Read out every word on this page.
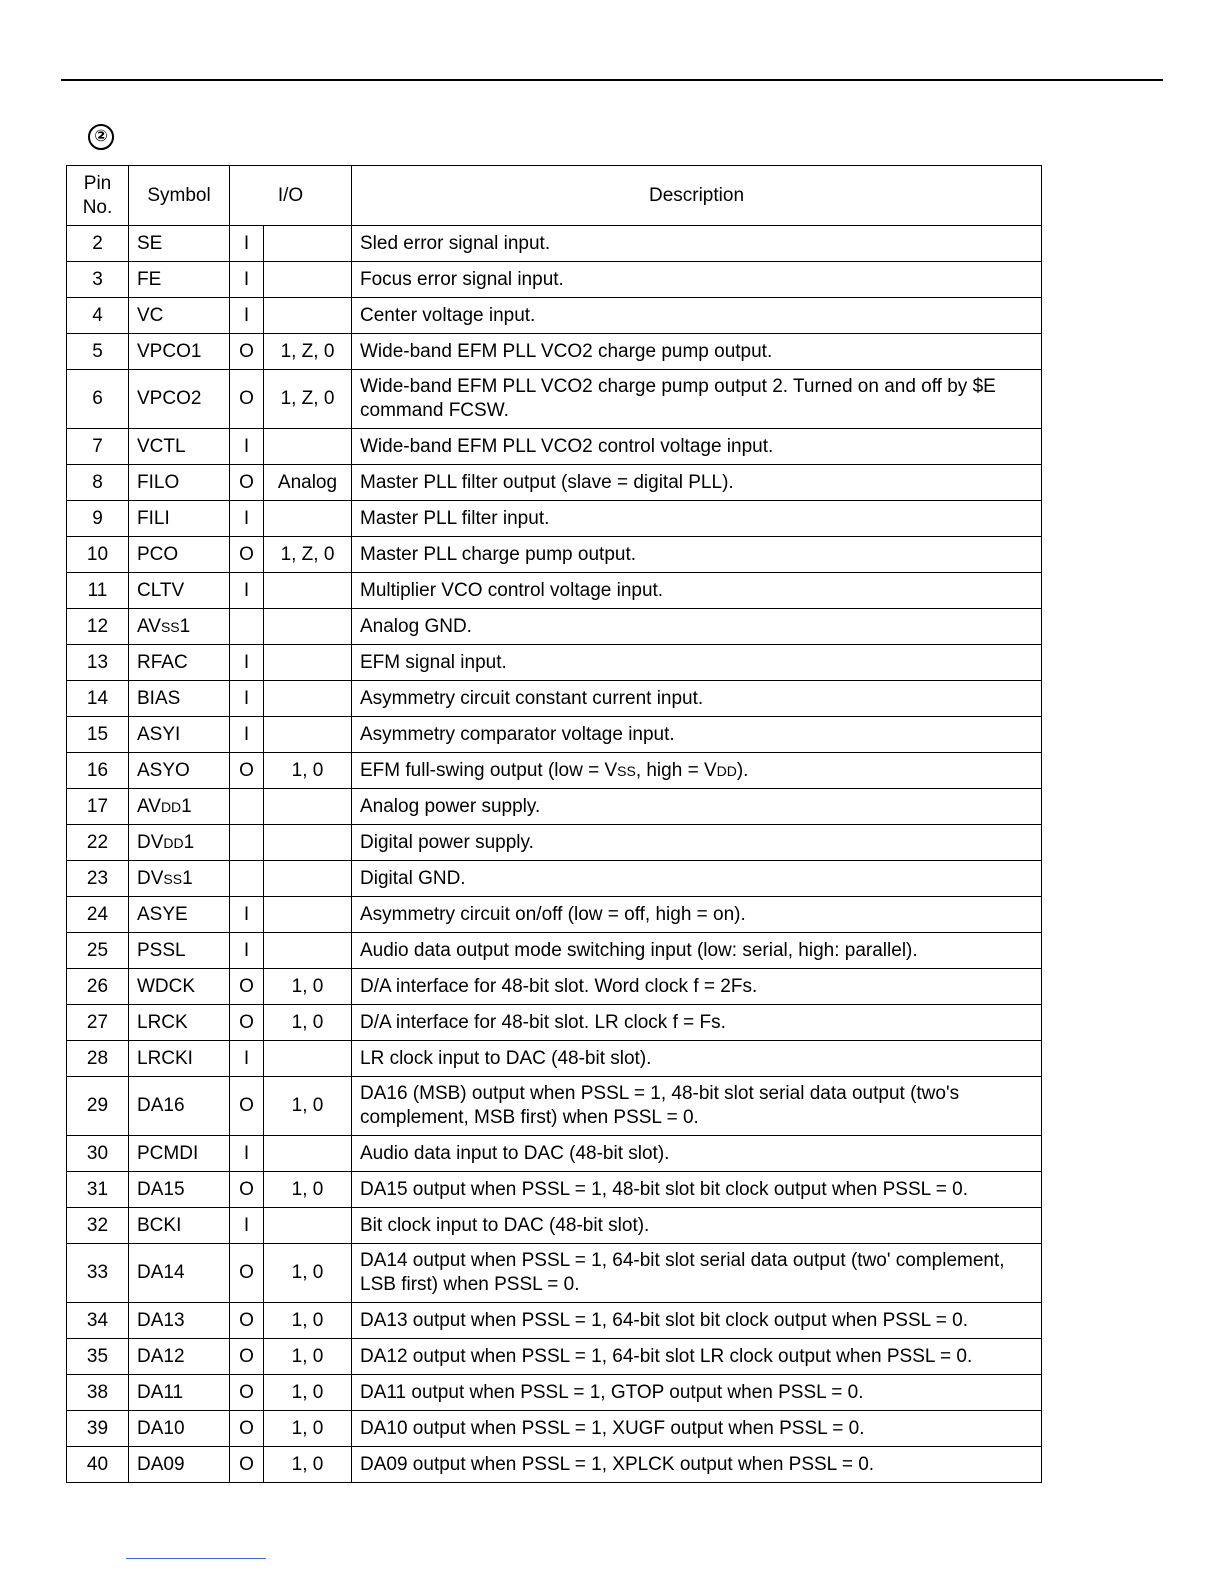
②
Pin
No.	Symbol	I/O		Description
2	SE	I		Sled error signal input.
3	FE	I		Focus error signal input.
4	VC	I		Center voltage input.
5	VPCO1	O	1, Z, 0	Wide-band EFM PLL VCO2 charge pump output.
6	VPCO2	O	1, Z, 0	Wide-band EFM PLL VCO2 charge pump output 2. Turned on and off by $E command FCSW.
7	VCTL	I		Wide-band EFM PLL VCO2 control voltage input.
8	FILO	O	Analog	Master PLL filter output (slave = digital PLL).
9	FILI	I		Master PLL filter input.
10	PCO	O	1, Z, 0	Master PLL charge pump output.
11	CLTV	I		Multiplier VCO control voltage input.
12	AVSS1			Analog GND.
13	RFAC	I		EFM signal input.
14	BIAS	I		Asymmetry circuit constant current input.
15	ASYI	I		Asymmetry comparator voltage input.
16	ASYO	O	1, 0	EFM full-swing output (low = VSS, high = VDD).
17	AVDD1			Analog power supply.
22	DVDD1			Digital power supply.
23	DVSS1			Digital GND.
24	ASYE	I		Asymmetry circuit on/off (low = off, high = on).
25	PSSL	I		Audio data output mode switching input (low: serial, high: parallel).
26	WDCK	O	1, 0	D/A interface for 48-bit slot. Word clock f = 2Fs.
27	LRCK	O	1, 0	D/A interface for 48-bit slot. LR clock f = Fs.
28	LRCKI	I		LR clock input to DAC (48-bit slot).
29	DA16	O	1, 0	DA16 (MSB) output when PSSL = 1, 48-bit slot serial data output (two's complement, MSB first) when PSSL = 0.
30	PCMDI	I		Audio data input to DAC (48-bit slot).
31	DA15	O	1, 0	DA15 output when PSSL = 1, 48-bit slot bit clock output when PSSL = 0.
32	BCKI	I		Bit clock input to DAC (48-bit slot).
33	DA14	O	1, 0	DA14 output when PSSL = 1, 64-bit slot serial data output (two' complement, LSB first) when PSSL = 0.
34	DA13	O	1, 0	DA13 output when PSSL = 1, 64-bit slot bit clock output when PSSL = 0.
35	DA12	O	1, 0	DA12 output when PSSL = 1, 64-bit slot LR clock output when PSSL = 0.
38	DA11	O	1, 0	DA11 output when PSSL = 1, GTOP output when PSSL = 0.
39	DA10	O	1, 0	DA10 output when PSSL = 1, XUGF output when PSSL = 0.
40	DA09	O	1, 0	DA09 output when PSSL = 1, XPLCK output when PSSL = 0.
